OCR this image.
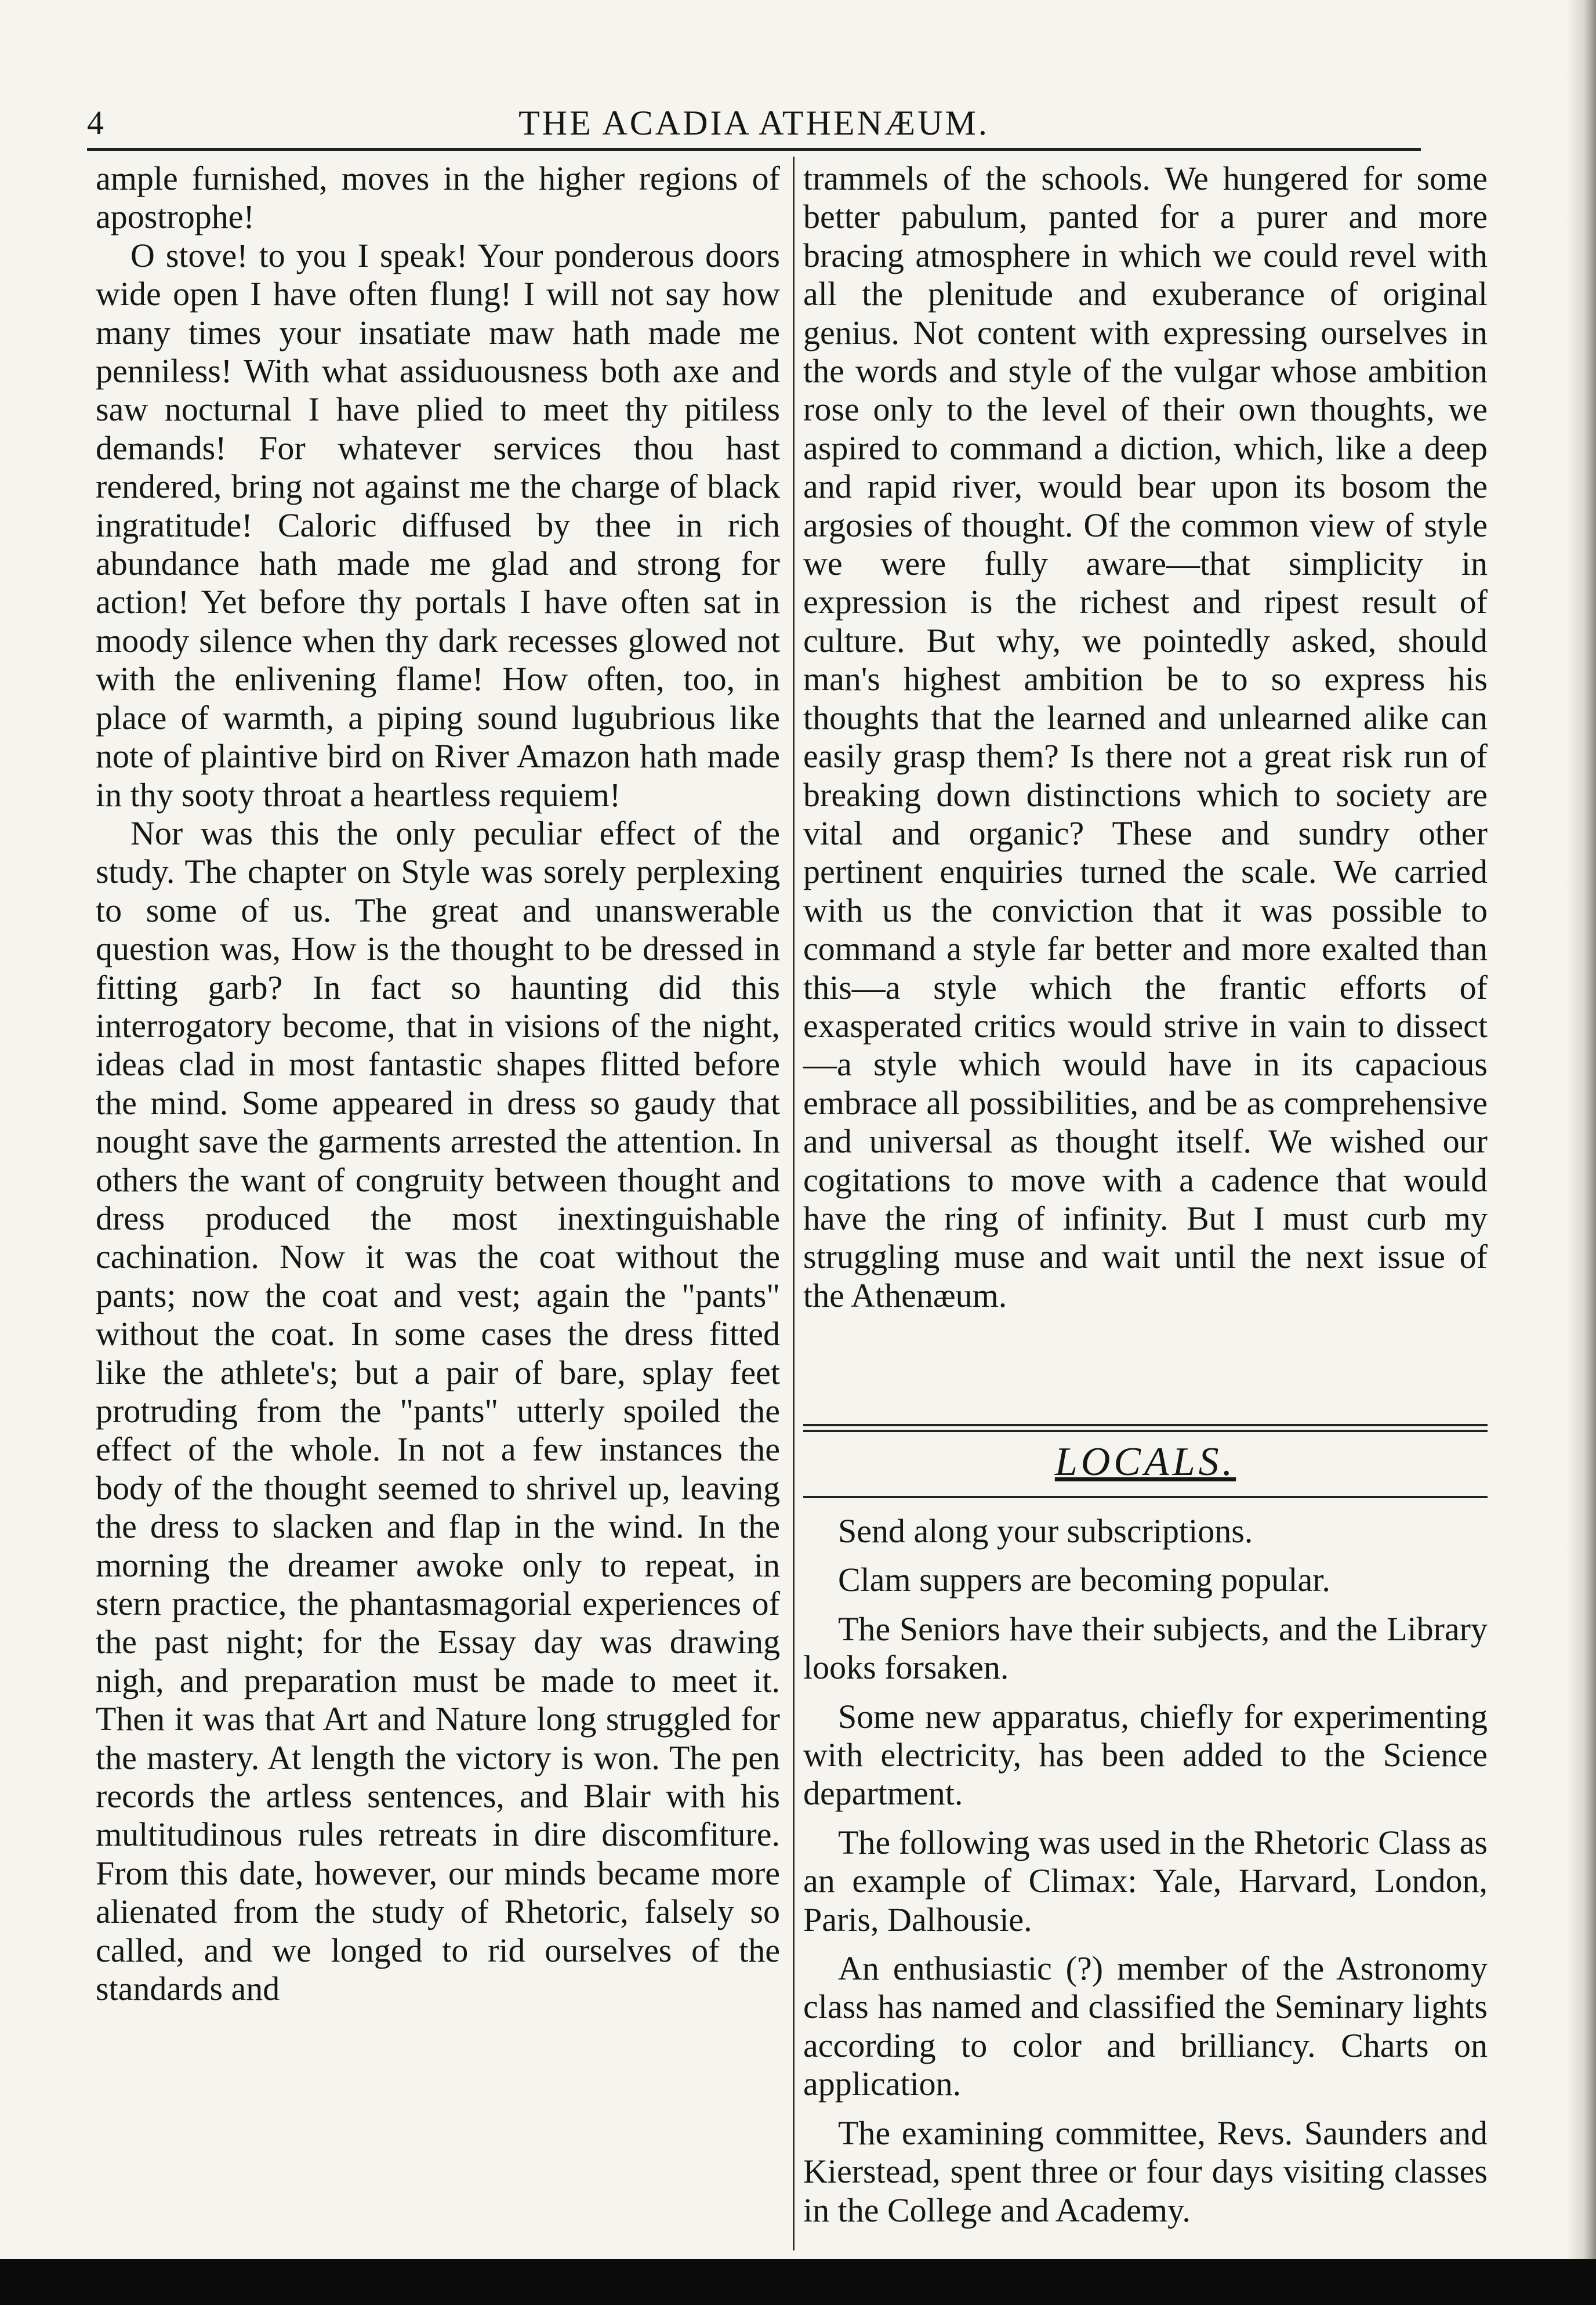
4	THE ACADIA ATHENÆUM.

ample furnished, moves in the higher regions of apostrophe!

O stove! to you I speak! Your ponderous doors wide open I have often flung! I will not say how many times your insatiate maw hath made me penniless! With what assiduousness both axe and saw nocturnal I have plied to meet thy pitiless demands! For whatever services thou hast rendered, bring not against me the charge of black ingratitude! Caloric diffused by thee in rich abundance hath made me glad and strong for action! Yet before thy portals I have often sat in moody silence when thy dark recesses glowed not with the enlivening flame! How often, too, in place of warmth, a piping sound lugubrious like note of plaintive bird on River Amazon hath made in thy sooty throat a heartless requiem!

Nor was this the only peculiar effect of the study. The chapter on Style was sorely perplexing to some of us. The great and unanswerable question was, How is the thought to be dressed in fitting garb? In fact so haunting did this interrogatory become, that in visions of the night, ideas clad in most fantastic shapes flitted before the mind. Some appeared in dress so gaudy that nought save the garments arrested the attention. In others the want of congruity between thought and dress produced the most inextinguishable cachination. Now it was the coat without the pants; now the coat and vest; again the "pants" without the coat. In some cases the dress fitted like the athlete's; but a pair of bare, splay feet protruding from the "pants" utterly spoiled the effect of the whole. In not a few instances the body of the thought seemed to shrivel up, leaving the dress to slacken and flap in the wind. In the morning the dreamer awoke only to repeat, in stern practice, the phantasmagorial experiences of the past night; for the Essay day was drawing nigh, and preparation must be made to meet it. Then it was that Art and Nature long struggled for the mastery. At length the victory is won. The pen records the artless sentences, and Blair with his multitudinous rules retreats in dire discomfiture. From this date, however, our minds became more alienated from the study of Rhetoric, falsely so called, and we longed to rid ourselves of the standards and

trammels of the schools. We hungered for some better pabulum, panted for a purer and more bracing atmosphere in which we could revel with all the plenitude and exuberance of original genius. Not content with expressing ourselves in the words and style of the vulgar whose ambition rose only to the level of their own thoughts, we aspired to command a diction, which, like a deep and rapid river, would bear upon its bosom the argosies of thought. Of the common view of style we were fully aware—that simplicity in expression is the richest and ripest result of culture. But why, we pointedly asked, should man's highest ambition be to so express his thoughts that the learned and unlearned alike can easily grasp them? Is there not a great risk run of breaking down distinctions which to society are vital and organic? These and sundry other pertinent enquiries turned the scale. We carried with us the conviction that it was possible to command a style far better and more exalted than this—a style which the frantic efforts of exasperated critics would strive in vain to dissect—a style which would have in its capacious embrace all possibilities, and be as comprehensive and universal as thought itself. We wished our cogitations to move with a cadence that would have the ring of infinity. But I must curb my struggling muse and wait until the next issue of the Athenæum.

LOCALS.

Send along your subscriptions.

Clam suppers are becoming popular.

The Seniors have their subjects, and the Library looks forsaken.

Some new apparatus, chiefly for experimenting with electricity, has been added to the Science department.

The following was used in the Rhetoric Class as an example of Climax: Yale, Harvard, London, Paris, Dalhousie.

An enthusiastic (?) member of the Astronomy class has named and classified the Seminary lights according to color and brilliancy. Charts on application.

The examining committee, Revs. Saunders and Kierstead, spent three or four days visiting classes in the College and Academy.
